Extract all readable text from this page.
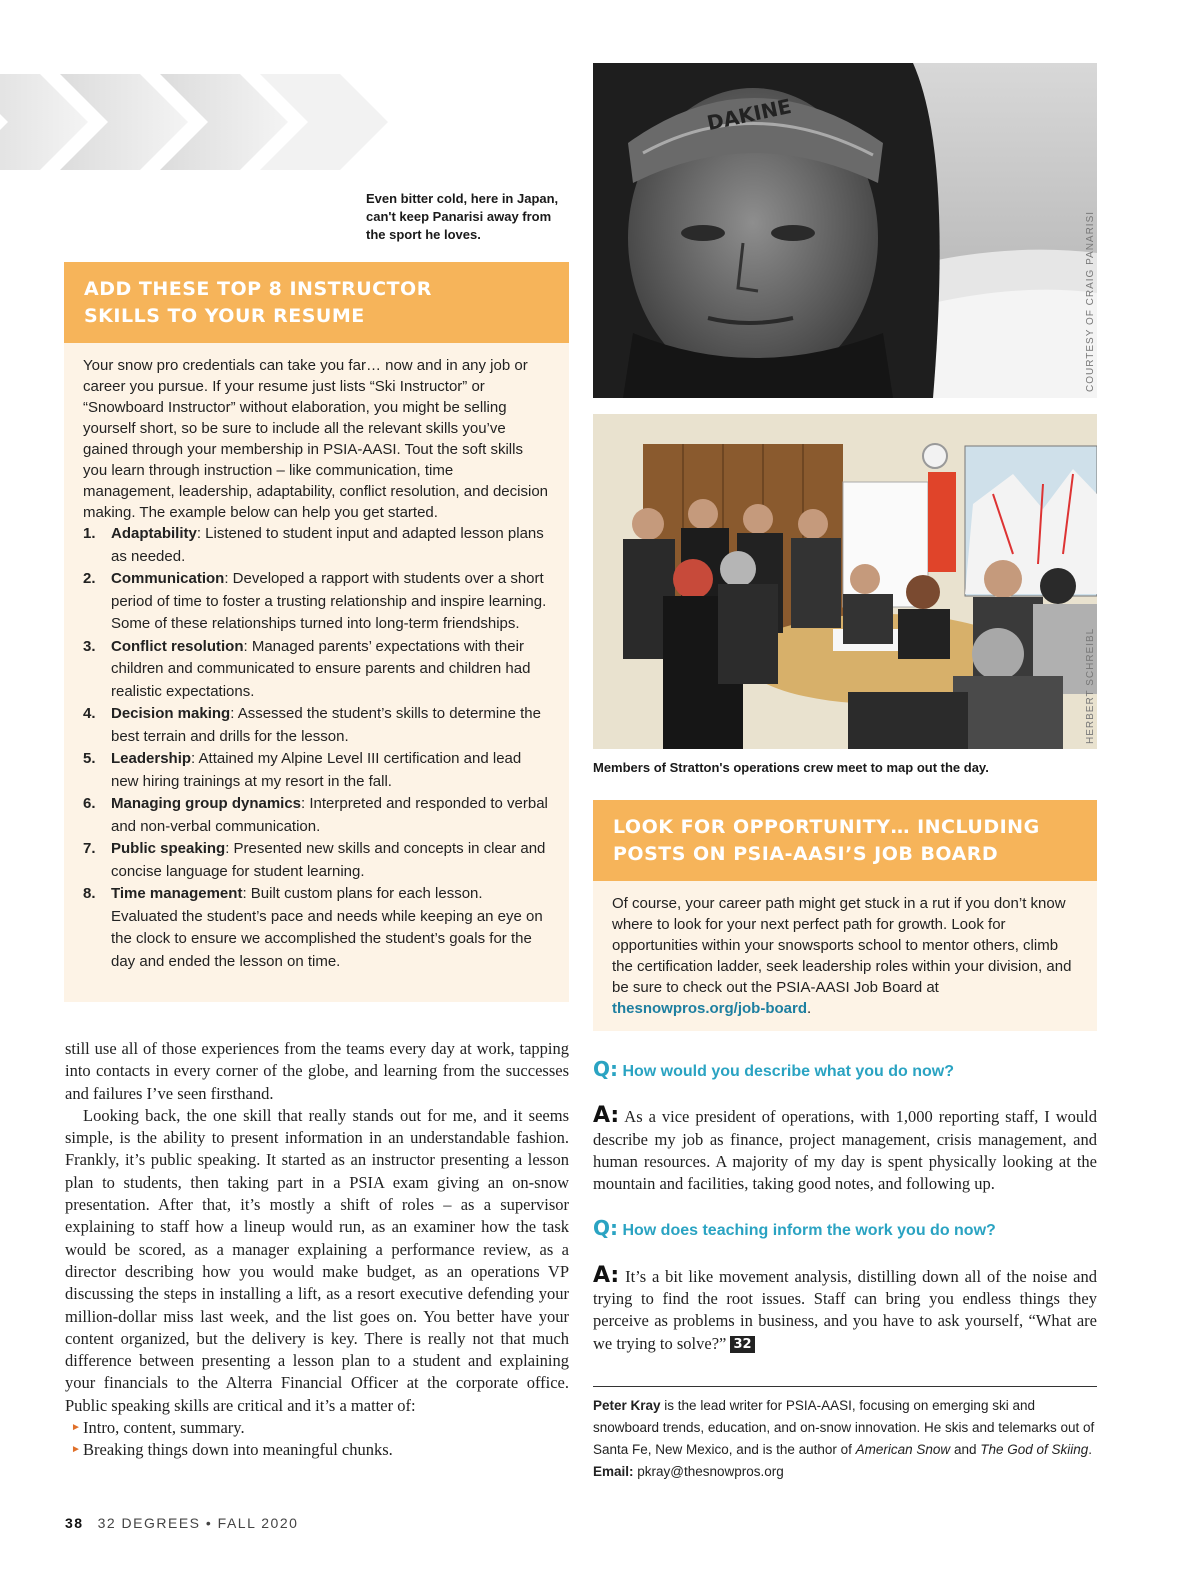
Even bitter cold, here in Japan, can't keep Panarisi away from the sport he loves.
DAKINE
COURTESY OF CRAIG PANARISI
HERBERT SCHREIBL
Members of Stratton's operations crew meet to map out the day.
ADD THESE TOP 8 INSTRUCTOR
SKILLS TO YOUR RESUME
Your snow pro credentials can take you far… now and in any job or career you pursue. If your resume just lists “Ski Instructor” or “Snowboard Instructor” without elaboration, you might be selling yourself short, so be sure to include all the relevant skills you’ve gained through your membership in PSIA-AASI. Tout the soft skills you learn through instruction – like communication, time management, leadership, adaptability, conflict resolution, and decision making. The example below can help you get started.
1. Adaptability: Listened to student input and adapted lesson plans as needed.
2. Communication: Developed a rapport with students over a short period of time to foster a trusting relationship and inspire learning. Some of these relationships turned into long-term friendships.
3. Conflict resolution: Managed parents’ expectations with their children and communicated to ensure parents and children had realistic expectations.
4. Decision making: Assessed the student’s skills to determine the best terrain and drills for the lesson.
5. Leadership: Attained my Alpine Level III certification and lead new hiring trainings at my resort in the fall.
6. Managing group dynamics: Interpreted and responded to verbal and non-verbal communication.
7. Public speaking: Presented new skills and concepts in clear and concise language for student learning.
8. Time management: Built custom plans for each lesson. Evaluated the student’s pace and needs while keeping an eye on the clock to ensure we accomplished the student’s goals for the day and ended the lesson on time.
LOOK FOR OPPORTUNITY… INCLUDING
POSTS ON PSIA-AASI’S JOB BOARD
Of course, your career path might get stuck in a rut if you don’t know where to look for your next perfect path for growth. Look for opportunities within your snowsports school to mentor others, climb the certification ladder, seek leadership roles within your division, and be sure to check out the PSIA-AASI Job Board at thesnowpros.org/job-board.

still use all of those experiences from the teams every day at work, tapping into contacts in every corner of the globe, and learning from the successes and failures I’ve seen firsthand.

Looking back, the one skill that really stands out for me, and it seems simple, is the ability to present information in an understandable fashion. Frankly, it’s public speaking. It started as an instructor presenting a lesson plan to students, then taking part in a PSIA exam giving an on-snow presentation. After that, it’s mostly a shift of roles – as a supervisor explaining to staff how a lineup would run, as an examiner how the task would be scored, as a manager explaining a performance review, as a director describing how you would make budget, as an operations VP discussing the steps in installing a lift, as a resort executive defending your million-dollar miss last week, and the list goes on. You better have your content organized, but the delivery is key. There is really not that much difference between presenting a lesson plan to a student and explaining your financials to the Alterra Financial Officer at the corporate office. Public speaking skills are critical and it’s a matter of:

► Intro, content, summary.
► Breaking things down into meaningful chunks.

Q: How would you describe what you do now?

A: As a vice president of operations, with 1,000 reporting staff, I would describe my job as finance, project management, crisis management, and human resources. A majority of my day is spent physically looking at the mountain and facilities, taking good notes, and following up.

Q: How does teaching inform the work you do now?

A: It’s a bit like movement analysis, distilling down all of the noise and trying to find the root issues. Staff can bring you endless things they perceive as problems in business, and you have to ask yourself, “What are we trying to solve?” 32

Peter Kray is the lead writer for PSIA-AASI, focusing on emerging ski and snowboard trends, education, and on-snow innovation. He skis and telemarks out of Santa Fe, New Mexico, and is the author of American Snow and The God of Skiing. Email: pkray@thesnowpros.org
38 32 DEGREES • FALL 2020
